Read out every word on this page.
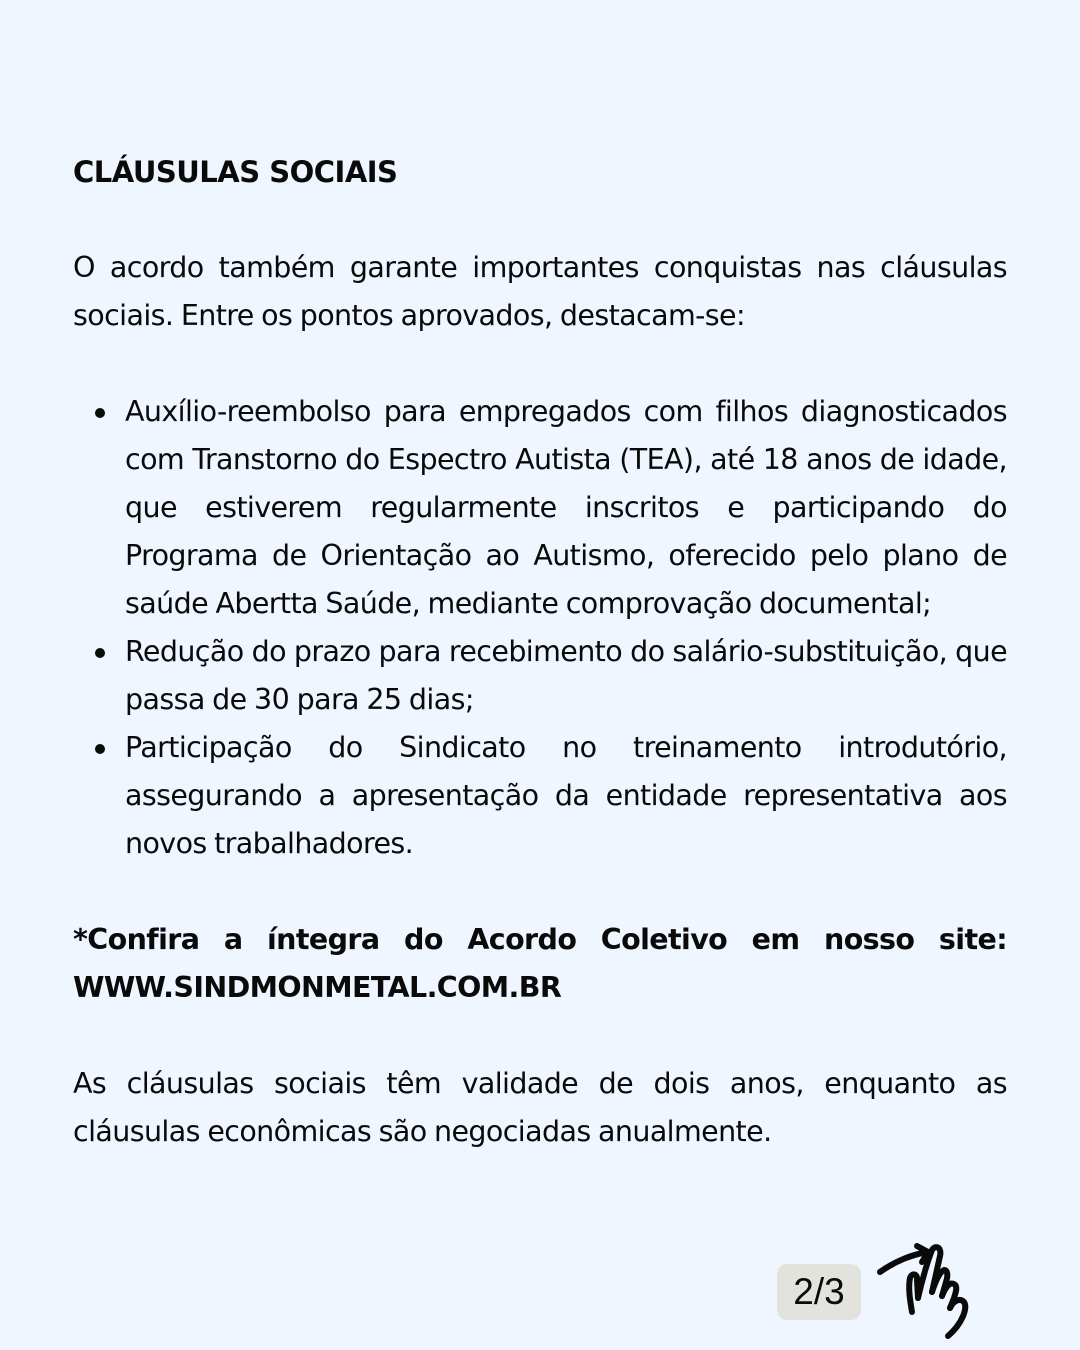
CLÁUSULAS SOCIAIS

O acordo também garante importantes conquistas nas cláusulas sociais. Entre os pontos aprovados, destacam-se:

Auxílio-reembolso para empregados com filhos diagnosticados com Transtorno do Espectro Autista (TEA), até 18 anos de idade, que estiverem regularmente inscritos e participando do Programa de Orientação ao Autismo, oferecido pelo plano de saúde Abertta Saúde, mediante comprovação documental;
Redução do prazo para recebimento do salário-substituição, que passa de 30 para 25 dias;
Participação do Sindicato no treinamento introdutório, assegurando a apresentação da entidade representativa aos novos trabalhadores.

*Confira a íntegra do Acordo Coletivo em nosso site: WWW.SINDMONMETAL.COM.BR

As cláusulas sociais têm validade de dois anos, enquanto as cláusulas econômicas são negociadas anualmente.

2/3
